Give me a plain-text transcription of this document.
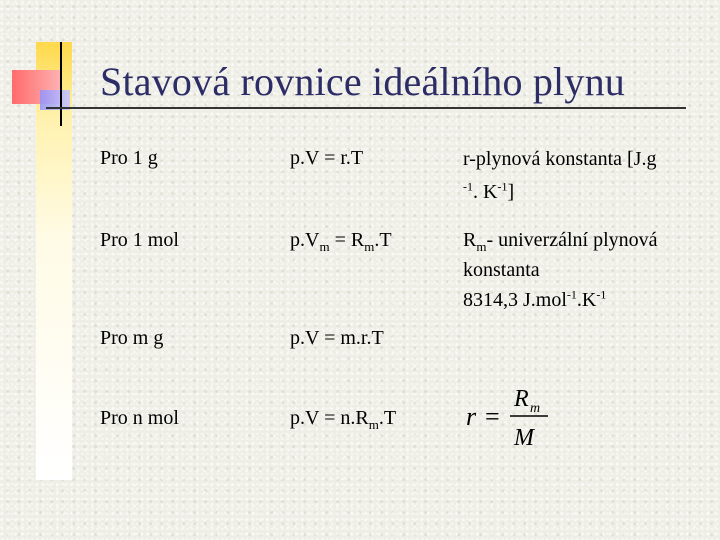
Stavová rovnice ideálního plynu
Pro 1 g	p.V = r.T	r-plynová konstanta [J.g
$^{-1}$. $K^{-1}$]
Pro 1 mol	$p.V_m = R_m.T$	$R_m-$ univerzální plynová
konstanta
8314,3 $J.mol^{-1}.K^{-1}$
Pro m g	p.V = m.r.T
Pro n mol	$p.V = n.R_m.T$	r =
R m
M
